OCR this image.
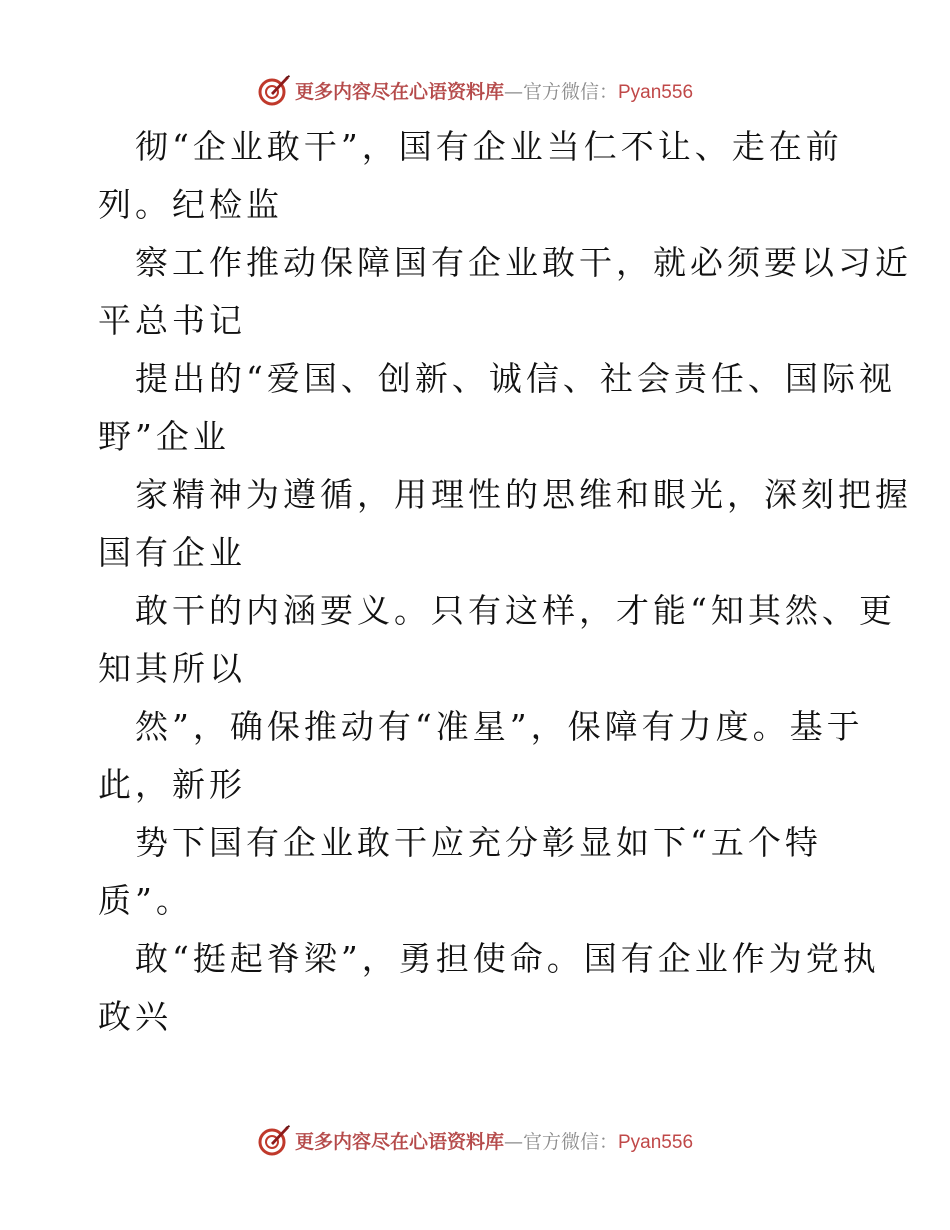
更多内容尽在心语资料库—官方微信：Pyan556
彻“企业敢干”，国有企业当仁不让、走在前
列。纪检监
察工作推动保障国有企业敢干，就必须要以习近
平总书记
提出的“爱国、创新、诚信、社会责任、国际视
野”企业
家精神为遵循，用理性的思维和眼光，深刻把握
国有企业
敢干的内涵要义。只有这样，才能“知其然、更
知其所以
然”，确保推动有“准星”，保障有力度。基于
此，新形
势下国有企业敢干应充分彰显如下“五个特
质”。
敢“挺起脊梁”，勇担使命。国有企业作为党执
政兴
更多内容尽在心语资料库—官方微信：Pyan556
